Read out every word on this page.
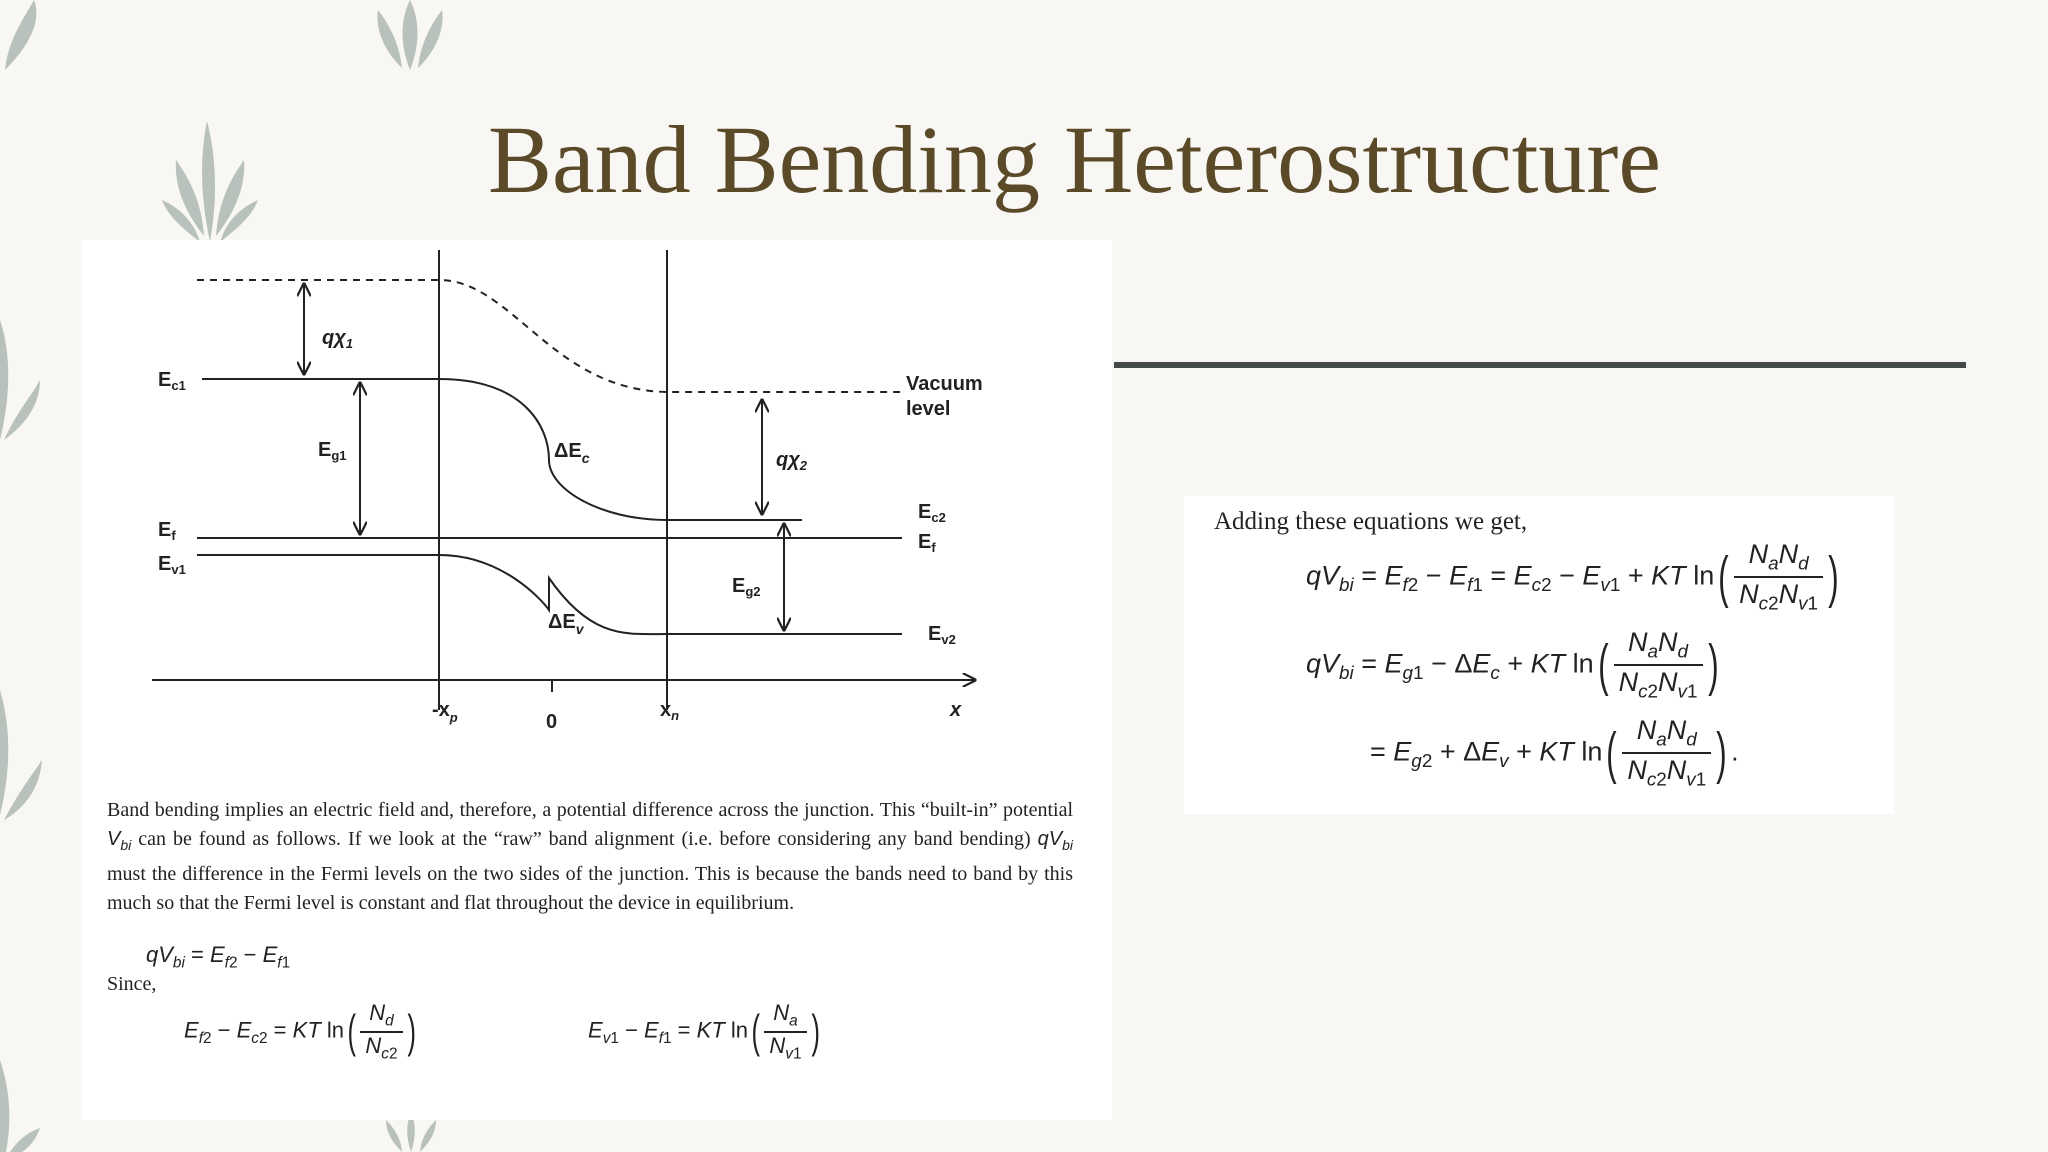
Band Bending Heterostructure
$E_{c1}$
$E_{g1}$
$E_f$
$E_{v1}$
$q\chi_1$
Vacuum
level
$\Delta E_c$	$q\chi_2$
$E_{c2}$
$E_f$
$E_{g2}$
$\Delta E_v$	$E_{v2}$
$-x_p$	0
$x_n$	x

Band bending implies an electric field and, therefore, a potential difference across the junction. This “built-in” potential $V_{bi}$ can be found as follows. If we look at the “raw” band alignment (i.e. before considering any band bending) $qV_{bi}$ must the difference in the Fermi levels on the two sides of the junction. This is because the bands need to band by this much so that the Fermi level is constant and flat throughout the device in equilibrium.

$qV_{bi} = E_{f2} - E_{f1}$

Since,

$E_{f2} - E_{c2}$ = KT $\ln( \frac{N_d}{N_{c2}}$ )	$E_{v1} - E_{f1}$ = KT $\ln( \frac{N_a}{N_{v1}}$ )

Adding these equations we get,

$qV_{bi} = E_{f2} - E_{f1} = E_{c2} - E_{v1}$ + KT $\ln( \frac{N_aN_d}{N_{c2}N_{v1}}$ )
$qV_{bi} = E_{g1} - \Delta E_c$ + KT $\ln( \frac{N_aN_d}{N_{c2}N_{v1}}$ )
= $E_{g2} + \Delta E_v$ + KT $\ln( \frac{N_aN_d}{N_{c2}N_{v1}}$ ) .
